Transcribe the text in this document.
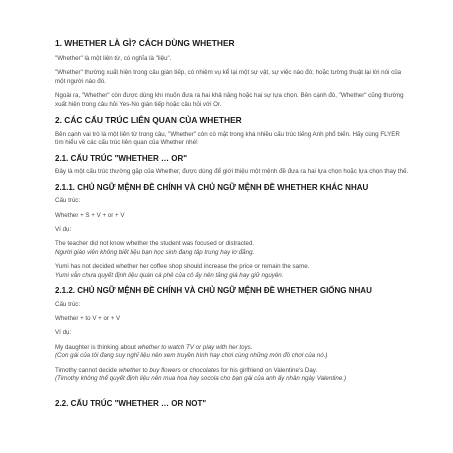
1. WHETHER LÀ GÌ? CÁCH DÙNG WHETHER
"Whether" là một liên từ, có nghĩa là "liệu".
"Whether" thường xuất hiện trong câu gián tiếp, có nhiệm vụ kể lại một sự vật, sự việc nào đó; hoặc tường thuật lại lời nói của một người nào đó.
Ngoài ra, "Whether" còn được dùng khi muốn đưa ra hai khả năng hoặc hai sự lựa chọn. Bên cạnh đó, "Whether" cũng thường xuất hiện trong câu hỏi Yes-No gián tiếp hoặc câu hỏi với Or.
2. CÁC CẤU TRÚC LIÊN QUAN CỦA WHETHER
Bên cạnh vai trò là một liên từ trong câu, "Whether" còn có mặt trong khá nhiều cấu trúc tiếng Anh phổ biến. Hãy cùng FLYER tìm hiểu về các cấu trúc liên quan của Whether nhé!
2.1. CẤU TRÚC "WHETHER … OR"
Đây là một cấu trúc thường gặp của Whether, được dùng để giới thiệu một mệnh đề đưa ra hai lựa chọn hoặc lựa chọn thay thế.
2.1.1. CHỦ NGỮ MỆNH ĐỀ CHÍNH VÀ CHỦ NGỮ MỆNH ĐỀ WHETHER KHÁC NHAU
Cấu trúc:
Whether + S + V + or + V
Ví dụ:
The teacher did not know whether the student was focused or distracted.
Người giáo viên không biết liệu bạn học sinh đang tập trung hay lơ đãng.
Yumi has not decided whether her coffee shop should increase the price or remain the same.
Yumi vẫn chưa quyết định liệu quán cà phê của cô ấy nên tăng giá hay giữ nguyên.
2.1.2. CHỦ NGỮ MỆNH ĐỀ CHÍNH VÀ CHỦ NGỮ MỆNH ĐỀ WHETHER GIỐNG NHAU
Cấu trúc:
Whether + to V + or + V
Ví dụ:
My daughter is thinking about whether to watch TV or play with her toys.
(Con gái của tôi đang suy nghĩ liệu nên xem truyền hình hay chơi cùng những món đồ chơi của nó.)
Timothy cannot decide whether to buy flowers or chocolates for his girlfriend on Valentine's Day.
(Timothy không thể quyết định liệu nên mua hoa hay socola cho bạn gái của anh ấy nhân ngày Valentine.)
2.2. CẤU TRÚC "WHETHER … OR NOT"
